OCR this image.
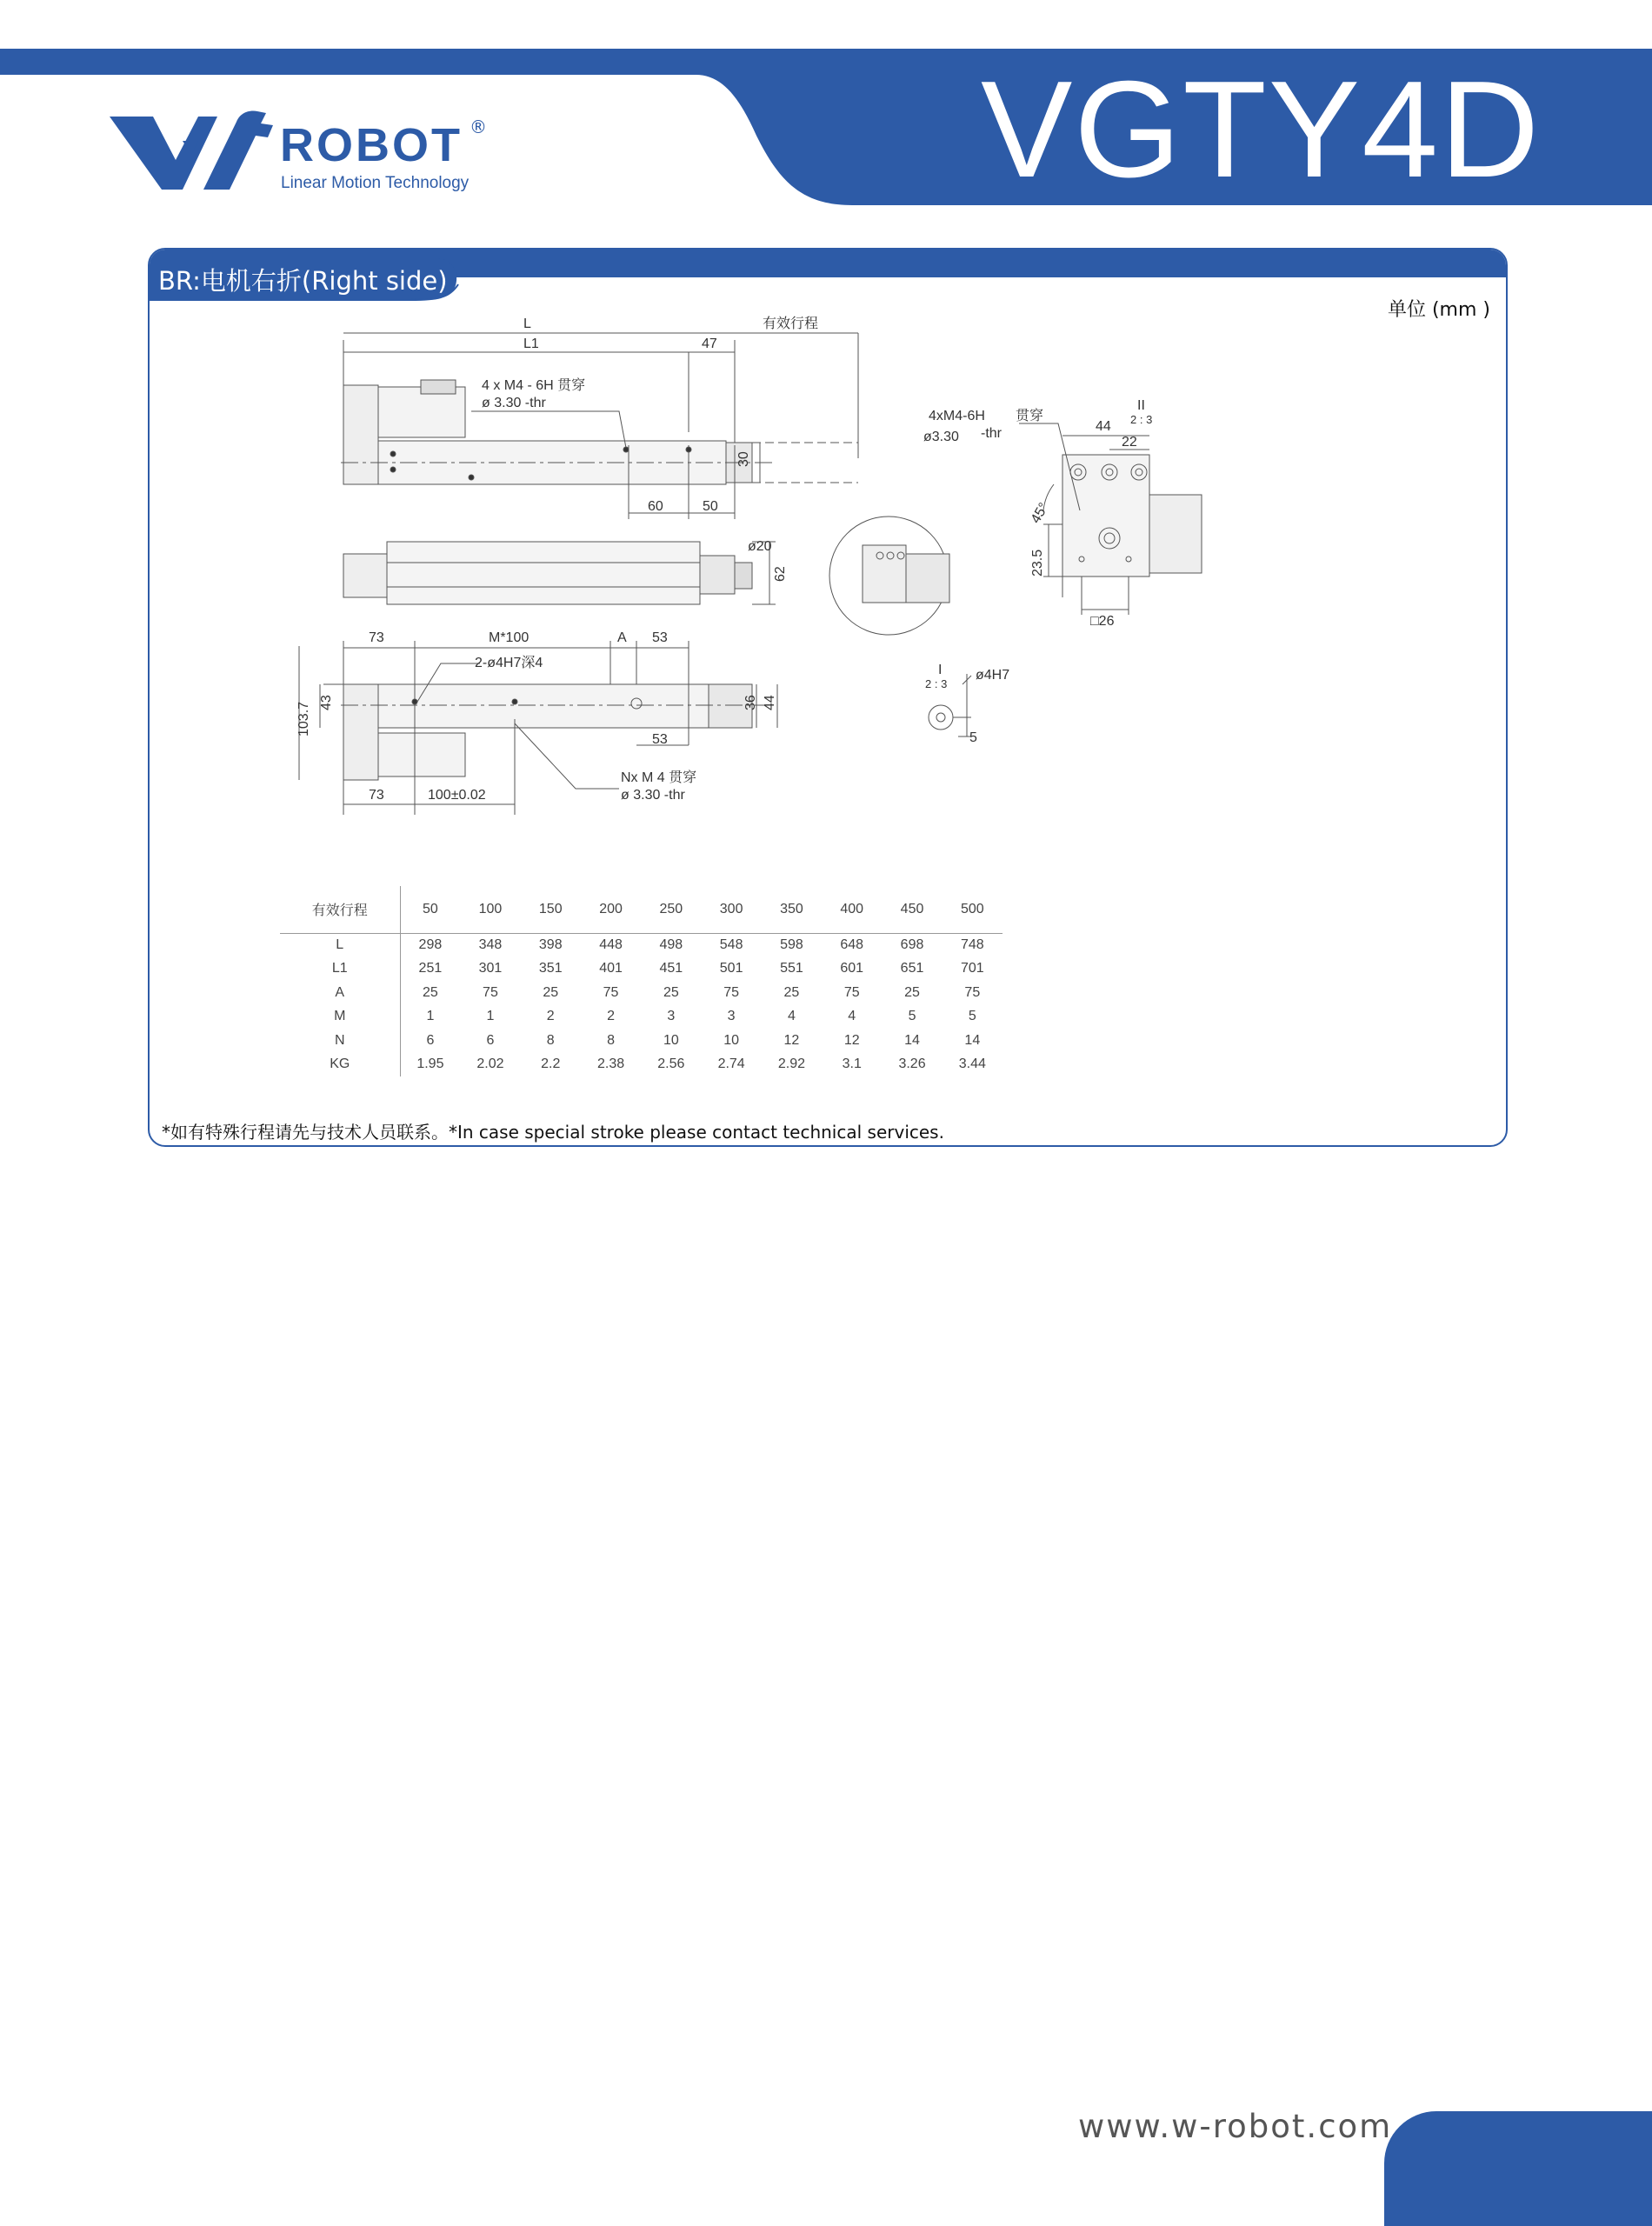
VGTY4D
ROBOT ®
Linear Motion Technology
BR:电机右折(Right side)
单位 (mm )
L
L1
有效行程
47
4 x M4 - 6H 贯穿
ø 3.30 -thr
30
60	50
ø20
62
73	M*100	A 53
2-ø4H7深4
43
103.7	36 44
53
73	100±0.02
Nx M 4 贯穿
ø 3.30 -thr
4xM4-6H 贯穿
ø3.30 -thr
II
2 : 3
44
22
45°
23.5
□26
I
2 : 3
ø4H7
5
有效行程	50	100	150	200	250	300	350	400	450	500
L	298	348	398	448	498	548	598	648	698	748
L1	251	301	351	401	451	501	551	601	651	701
A	25	75	25	75	25	75	25	75	25	75
M	1	1	2	2	3	3	4	4	5	5
N	6	6	8	8	10	10	12	12	14	14
KG	1.95	2.02	2.2	2.38	2.56	2.74	2.92	3.1	3.26	3.44
*如有特殊行程请先与技术人员联系。*In case special stroke please contact technical services.
www.w-robot.com
